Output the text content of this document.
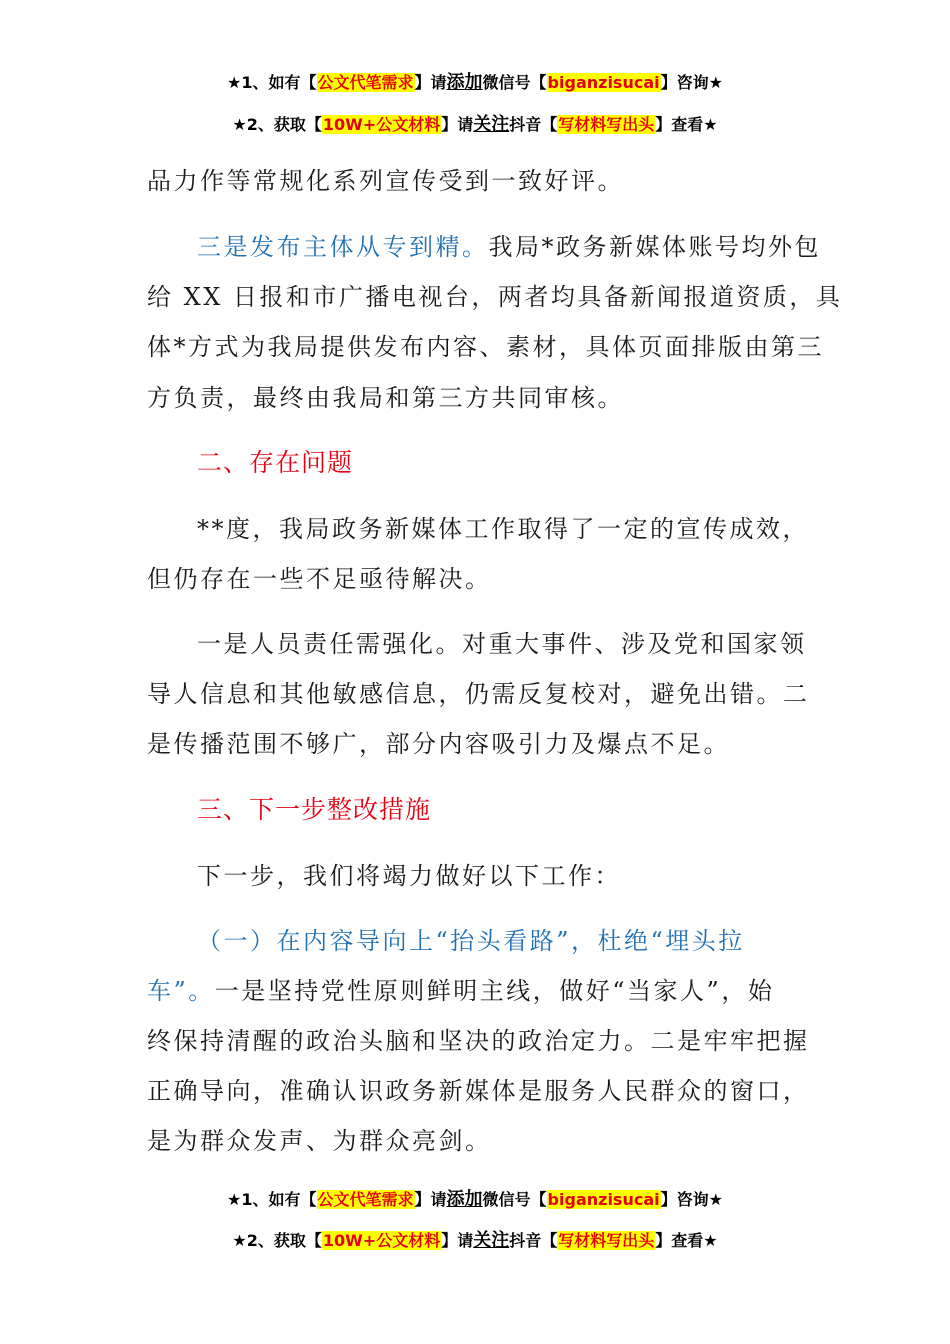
★1、如有【公文代笔需求】请添加微信号【biganzisucai】咨询★
★2、获取【10W+公文材料】请关注抖音【写材料写出头】查看★
品力作等常规化系列宣传受到一致好评。
三是发布主体从专到精。我局*政务新媒体账号均外包
给 XX 日报和市广播电视台，两者均具备新闻报道资质，具
体*方式为我局提供发布内容、素材，具体页面排版由第三
方负责，最终由我局和第三方共同审核。
二、存在问题
**度，我局政务新媒体工作取得了一定的宣传成效，
但仍存在一些不足亟待解决。
一是人员责任需强化。对重大事件、涉及党和国家领
导人信息和其他敏感信息，仍需反复校对，避免出错。二
是传播范围不够广，部分内容吸引力及爆点不足。
三、下一步整改措施
下一步，我们将竭力做好以下工作：
（一）在内容导向上“抬头看路”，杜绝“埋头拉
车”。一是坚持党性原则鲜明主线，做好“当家人”，始
终保持清醒的政治头脑和坚决的政治定力。二是牢牢把握
正确导向，准确认识政务新媒体是服务人民群众的窗口，
是为群众发声、为群众亮剑。
★1、如有【公文代笔需求】请添加微信号【biganzisucai】咨询★
★2、获取【10W+公文材料】请关注抖音【写材料写出头】查看★
